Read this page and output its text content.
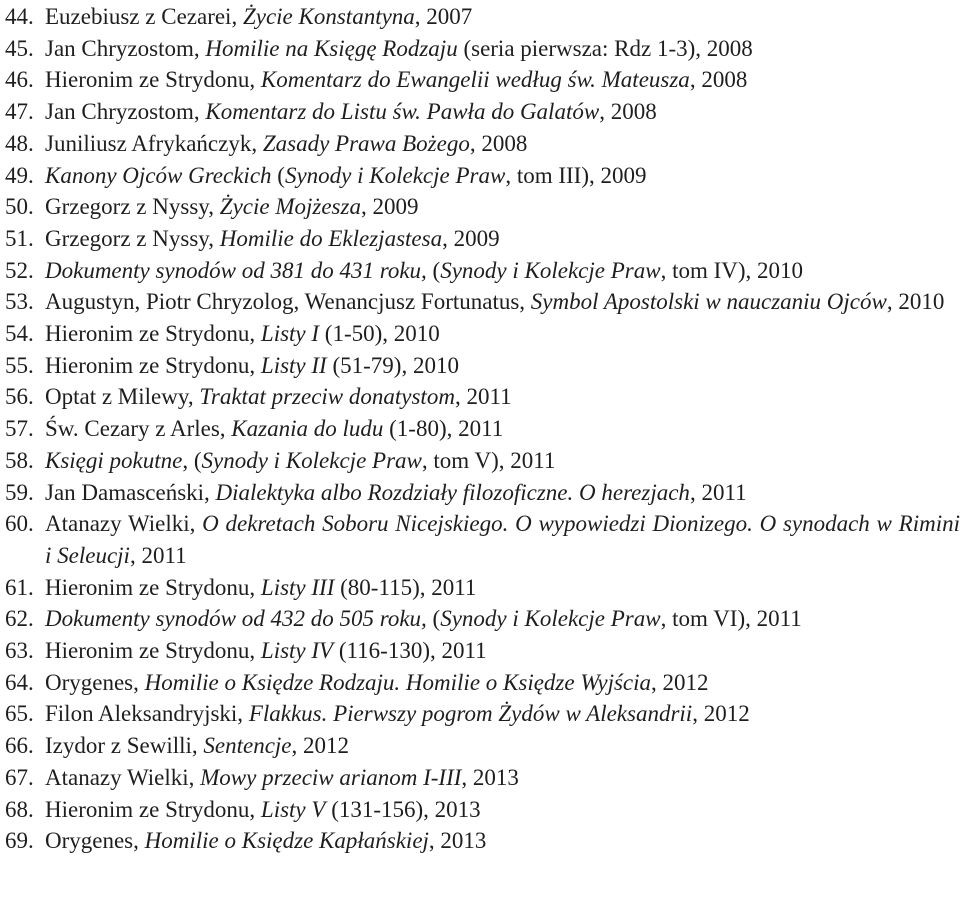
44. Euzebiusz z Cezarei, Życie Konstantyna, 2007
45. Jan Chryzostom, Homilie na Księgę Rodzaju (seria pierwsza: Rdz 1-3), 2008
46. Hieronim ze Strydonu, Komentarz do Ewangelii według św. Mateusza, 2008
47. Jan Chryzostom, Komentarz do Listu św. Pawła do Galatów, 2008
48. Juniliusz Afrykańczyk, Zasady Prawa Bożego, 2008
49. Kanony Ojców Greckich (Synody i Kolekcje Praw, tom III), 2009
50. Grzegorz z Nyssy, Życie Mojżesza, 2009
51. Grzegorz z Nyssy, Homilie do Eklezjastesa, 2009
52. Dokumenty synodów od 381 do 431 roku, (Synody i Kolekcje Praw, tom IV), 2010
53. Augustyn, Piotr Chryzolog, Wenancjusz Fortunatus, Symbol Apostolski w nauczaniu Ojców, 2010
54. Hieronim ze Strydonu, Listy I (1-50), 2010
55. Hieronim ze Strydonu, Listy II (51-79), 2010
56. Optat z Milewy, Traktat przeciw donatystom, 2011
57. Św. Cezary z Arles, Kazania do ludu (1-80), 2011
58. Księgi pokutne, (Synody i Kolekcje Praw, tom V), 2011
59. Jan Damasceński, Dialektyka albo Rozdziały filozoficzne. O herezjach, 2011
60. Atanazy Wielki, O dekretach Soboru Nicejskiego. O wypowiedzi Dionizego. O synodach w Rimini i Seleucji, 2011
61. Hieronim ze Strydonu, Listy III (80-115), 2011
62. Dokumenty synodów od 432 do 505 roku, (Synody i Kolekcje Praw, tom VI), 2011
63. Hieronim ze Strydonu, Listy IV (116-130), 2011
64. Orygenes, Homilie o Księdze Rodzaju. Homilie o Księdze Wyjścia, 2012
65. Filon Aleksandryjski, Flakkus. Pierwszy pogrom Żydów w Aleksandrii, 2012
66. Izydor z Sewilli, Sentencje, 2012
67. Atanazy Wielki, Mowy przeciw arianom I-III, 2013
68. Hieronim ze Strydonu, Listy V (131-156), 2013
69. Orygenes, Homilie o Księdze Kapłańskiej, 2013
